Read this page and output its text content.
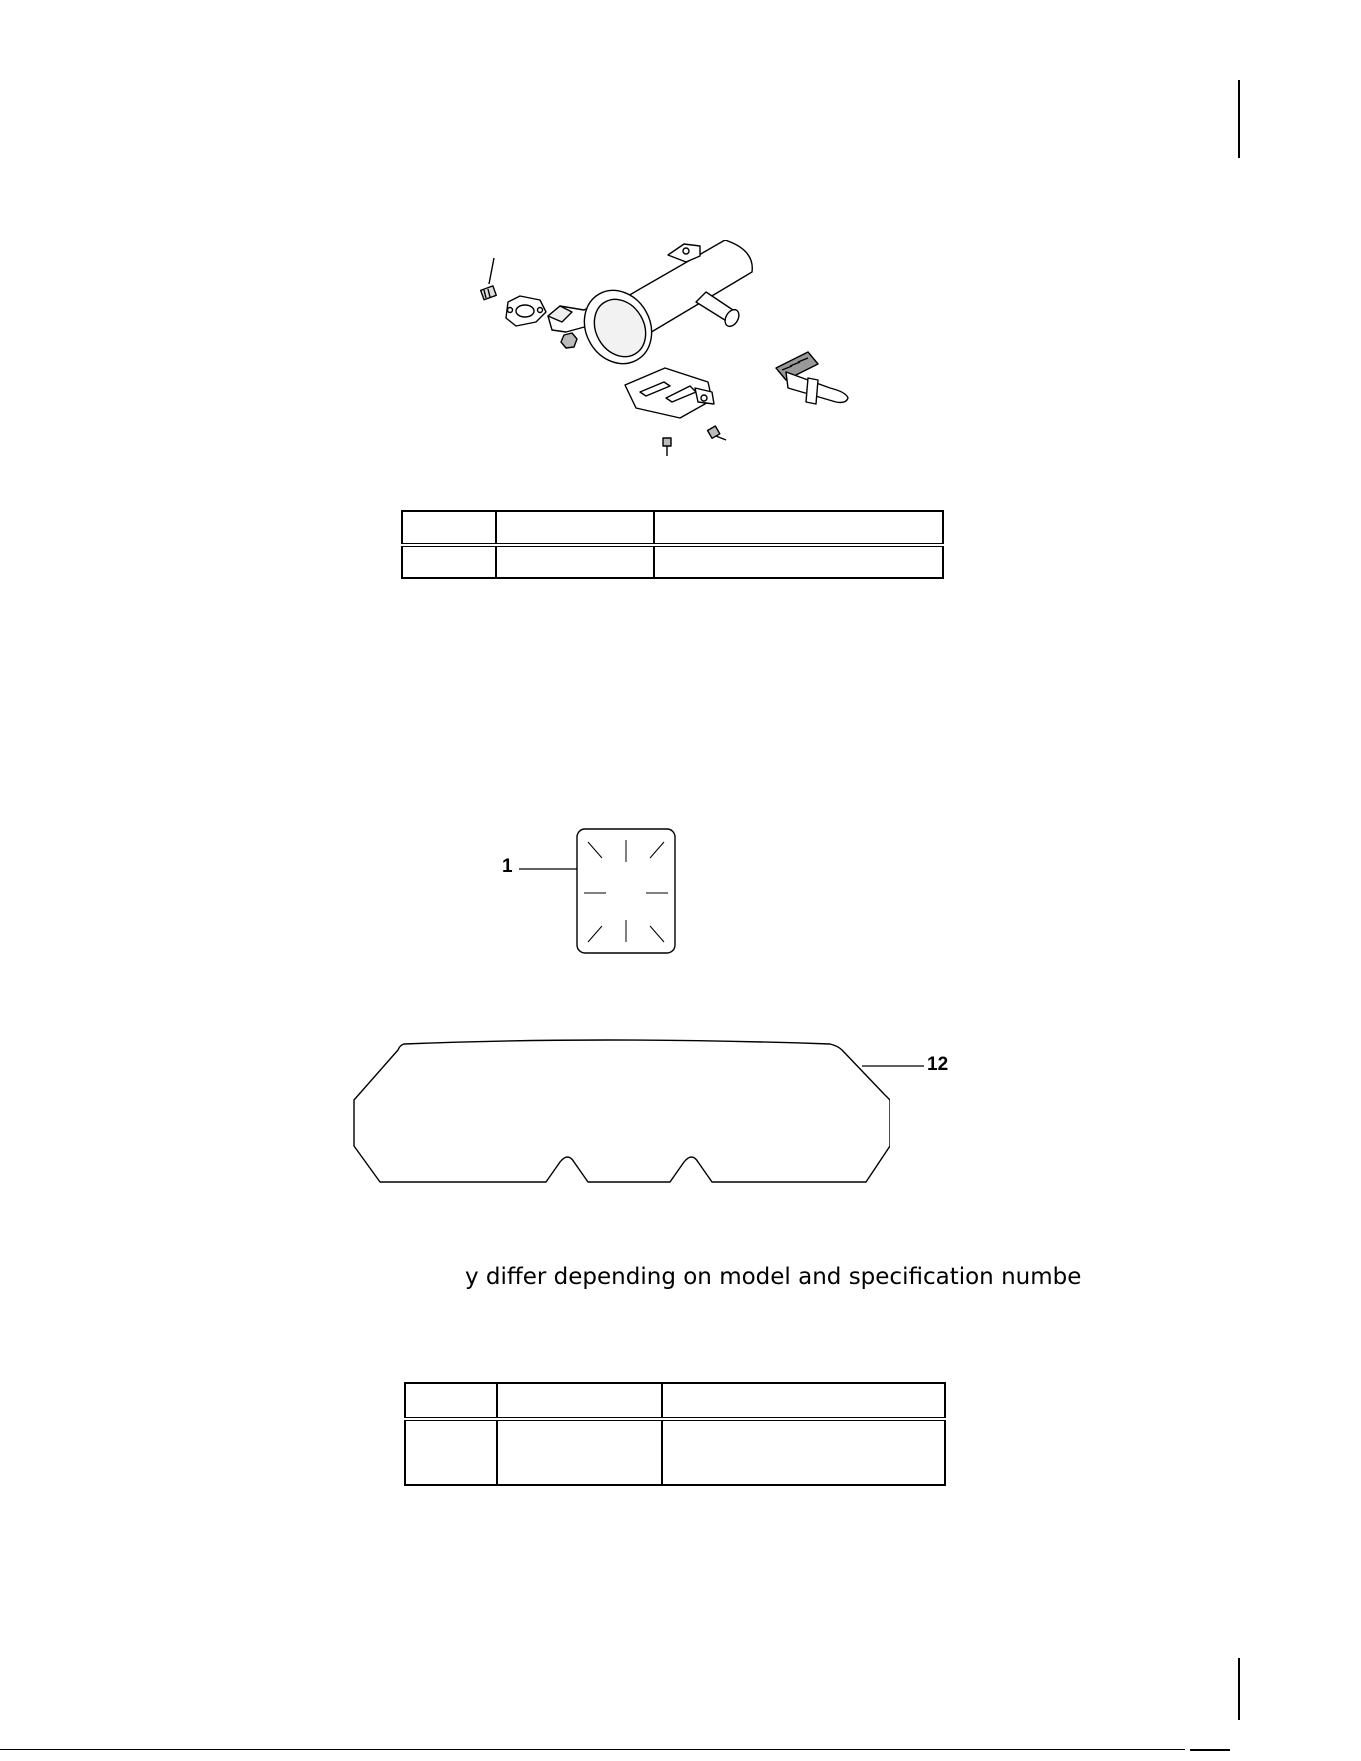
1
12
y differ depending on model and specification numbe
